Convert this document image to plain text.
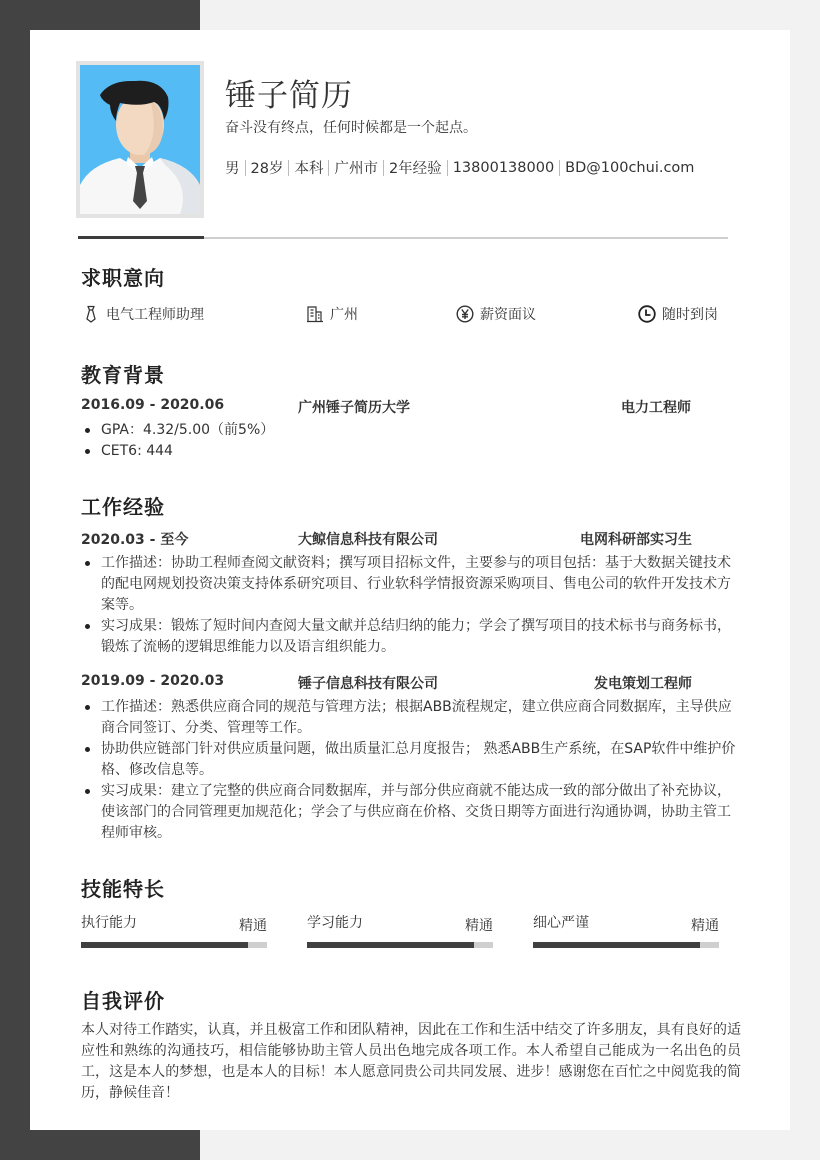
锤子简历
奋斗没有终点，任何时候都是一个起点。
男 28岁 本科 广州市 2年经验 13800138000 BD@100chui.com
求职意向
电气工程师助理	广州	薪资面议	随时到岗
教育背景
2016.09 - 2020.06	广州锤子简历大学	电力工程师
GPA：4.32/5.00（前5%）
CET6: 444
工作经验
2020.03 - 至今	大鲸信息科技有限公司	电网科研部实习生
工作描述：协助工程师查阅文献资料；撰写项目招标文件，主要参与的项目包括：基于大数据关键技术的配电网规划投资决策支持体系研究项目、行业软科学情报资源采购项目、售电公司的软件开发技术方案等。
实习成果：锻炼了短时间内查阅大量文献并总结归纳的能力；学会了撰写项目的技术标书与商务标书，锻炼了流畅的逻辑思维能力以及语言组织能力。
2019.09 - 2020.03	锤子信息科技有限公司	发电策划工程师
工作描述：熟悉供应商合同的规范与管理方法；根据ABB流程规定，建立供应商合同数据库，主导供应商合同签订、分类、管理等工作。
协助供应链部门针对供应质量问题，做出质量汇总月度报告； 熟悉ABB生产系统，在SAP软件中维护价格、修改信息等。
实习成果：建立了完整的供应商合同数据库，并与部分供应商就不能达成一致的部分做出了补充协议，使该部门的合同管理更加规范化；学会了与供应商在价格、交货日期等方面进行沟通协调，协助主管工程师审核。
技能特长
执行能力	精通	学习能力	精通	细心严谨	精通
自我评价
本人对待工作踏实，认真，并且极富工作和团队精神，因此在工作和生活中结交了许多朋友，具有良好的适应性和熟练的沟通技巧，相信能够协助主管人员出色地完成各项工作。本人希望自己能成为一名出色的员工，这是本人的梦想，也是本人的目标！本人愿意同贵公司共同发展、进步！感谢您在百忙之中阅览我的简历，静候佳音！
